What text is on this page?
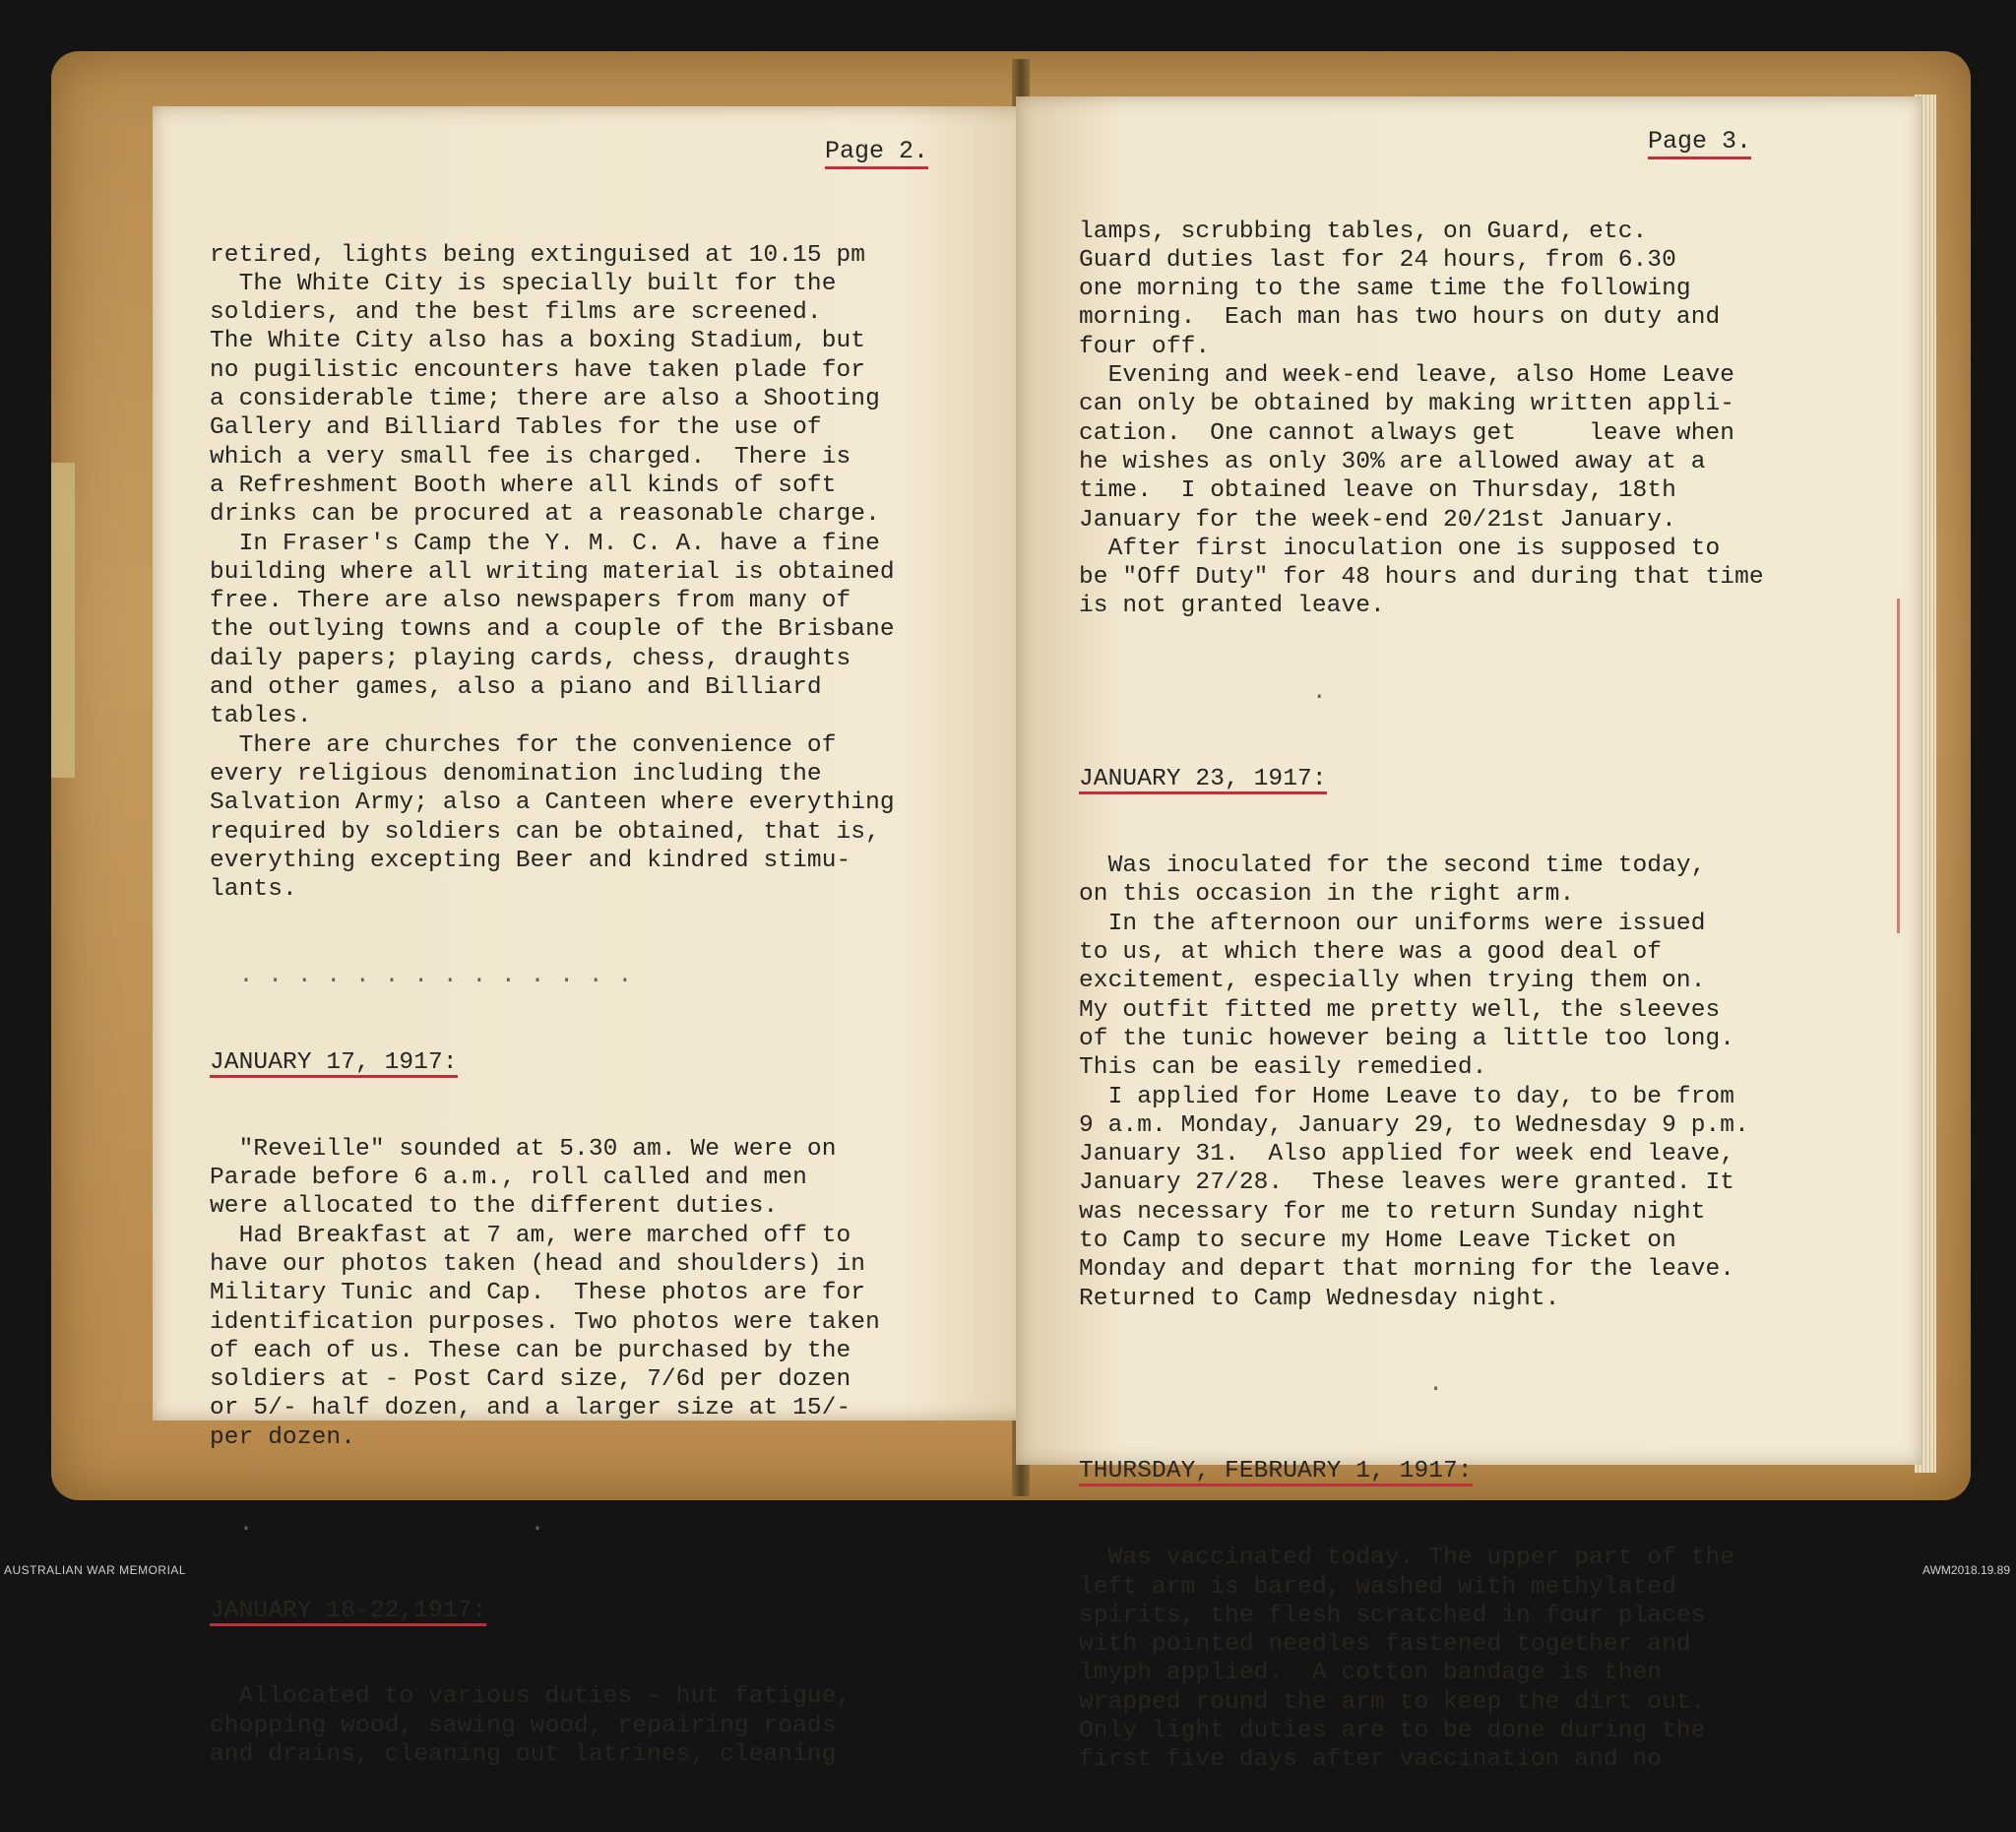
Page 2.

retired, lights being extinguised at 10.15 pm
The White City is specially built for the
soldiers, and the best films are screened.
The White City also has a boxing Stadium, but
no pugilistic encounters have taken plade for
a considerable time; there are also a Shooting
Gallery and Billiard Tables for the use of
which a very small fee is charged.  There is
a Refreshment Booth where all kinds of soft
drinks can be procured at a reasonable charge.
In Fraser's Camp the Y. M. C. A. have a fine
building where all writing material is obtained
free. There are also newspapers from many of
the outlying towns and a couple of the Brisbane
daily papers; playing cards, chess, draughts
and other games, also a piano and Billiard
tables.
There are churches for the convenience of
every religious denomination including the
Salvation Army; also a Canteen where everything
required by soldiers can be obtained, that is,
everything excepting Beer and kindred stimu-
lants.

. . . . . . . . . . . . . .

JANUARY 17, 1917:

"Reveille" sounded at 5.30 am. We were on
Parade before 6 a.m., roll called and men
were allocated to the different duties.
Had Breakfast at 7 am, were marched off to
have our photos taken (head and shoulders) in
Military Tunic and Cap.  These photos are for
identification purposes. Two photos were taken
of each of us. These can be purchased by the
soldiers at - Post Card size, 7/6d per dozen
or 5/- half dozen, and a larger size at 15/-
per dozen.

.                   .

JANUARY 18-22,1917:

Allocated to various duties - hut fatigue,
chopping wood, sawing wood, repairing roads
and drains, cleaning out latrines, cleaning

Page 3.

lamps, scrubbing tables, on Guard, etc.
Guard duties last for 24 hours, from 6.30
one morning to the same time the following
morning.  Each man has two hours on duty and
four off.
Evening and week-end leave, also Home Leave
can only be obtained by making written appli-
cation.  One cannot always get     leave when
he wishes as only 30% are allowed away at a
time.  I obtained leave on Thursday, 18th
January for the week-end 20/21st January.
After first inoculation one is supposed to
be "Off Duty" for 48 hours and during that time
is not granted leave.

.

JANUARY 23, 1917:

Was inoculated for the second time today,
on this occasion in the right arm.
In the afternoon our uniforms were issued
to us, at which there was a good deal of
excitement, especially when trying them on.
My outfit fitted me pretty well, the sleeves
of the tunic however being a little too long.
This can be easily remedied.
I applied for Home Leave to day, to be from
9 a.m. Monday, January 29, to Wednesday 9 p.m.
January 31.  Also applied for week end leave,
January 27/28.  These leaves were granted. It
was necessary for me to return Sunday night
to Camp to secure my Home Leave Ticket on
Monday and depart that morning for the leave.
Returned to Camp Wednesday night.

.

THURSDAY, FEBRUARY 1, 1917:

Was vaccinated today. The upper part of the
left arm is bared, washed with methylated
spirits, the flesh scratched in four places
with pointed needles fastened together and
lmyph applied.  A cotton bandage is then
wrapped round the arm to keep the dirt out.
Only light duties are to be done during the
first five days after vaccination and no

AUSTRALIAN WAR MEMORIAL	AWM2018.19.89
